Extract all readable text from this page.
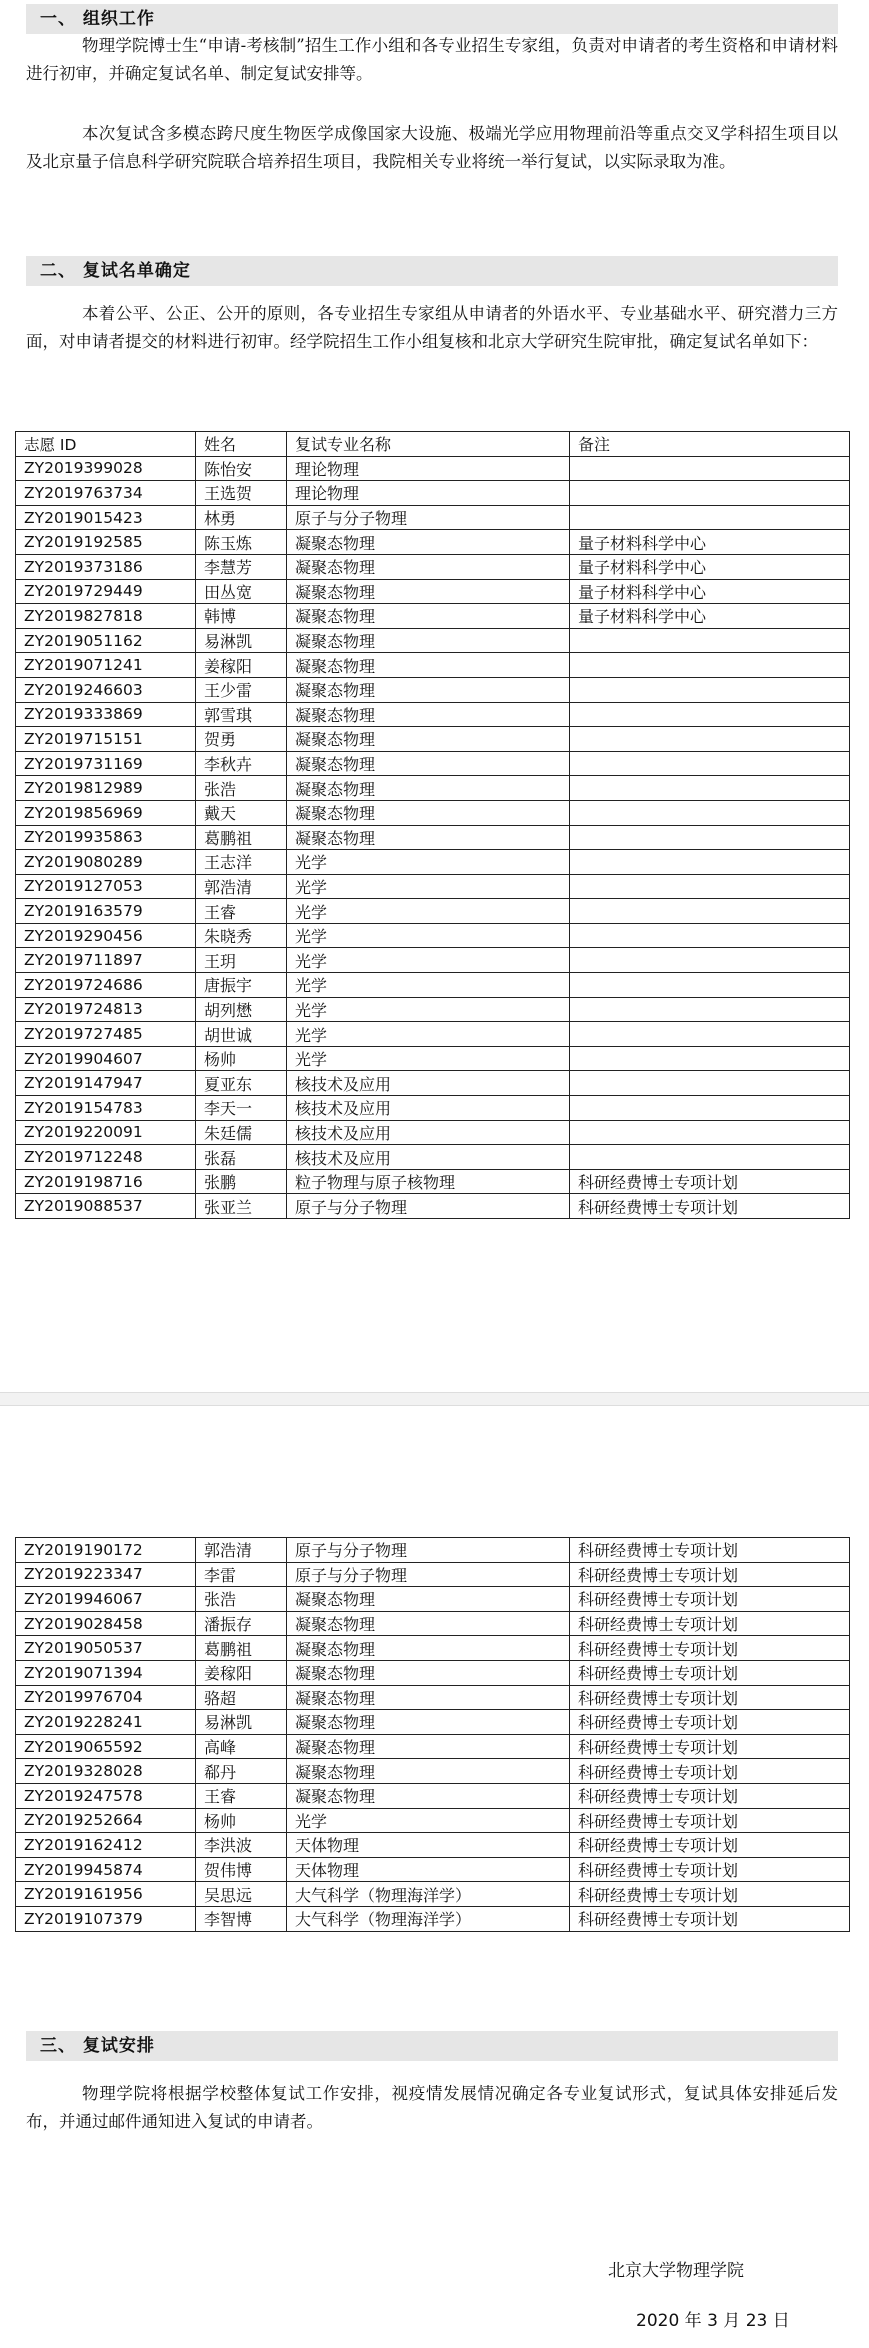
一、 组织工作

物理学院博士生“申请-考核制”招生工作小组和各专业招生专家组，负责对申请者的考生资格和申请材料进行初审，并确定复试名单、制定复试安排等。

本次复试含多模态跨尺度生物医学成像国家大设施、极端光学应用物理前沿等重点交叉学科招生项目以及北京量子信息科学研究院联合培养招生项目，我院相关专业将统一举行复试，以实际录取为准。

二、 复试名单确定

本着公平、公正、公开的原则，各专业招生专家组从申请者的外语水平、专业基础水平、研究潜力三方面，对申请者提交的材料进行初审。经学院招生工作小组复核和北京大学研究生院审批，确定复试名单如下：

志愿 ID	姓名	复试专业名称	备注
ZY2019399028	陈怡安	理论物理	
ZY2019763734	王选贺	理论物理	
ZY2019015423	林勇	原子与分子物理	
ZY2019192585	陈玉炼	凝聚态物理	量子材料科学中心
ZY2019373186	李慧芳	凝聚态物理	量子材料科学中心
ZY2019729449	田丛宽	凝聚态物理	量子材料科学中心
ZY2019827818	韩博	凝聚态物理	量子材料科学中心
ZY2019051162	易淋凯	凝聚态物理	
ZY2019071241	姜稼阳	凝聚态物理	
ZY2019246603	王少雷	凝聚态物理	
ZY2019333869	郭雪琪	凝聚态物理	
ZY2019715151	贺勇	凝聚态物理	
ZY2019731169	李秋卉	凝聚态物理	
ZY2019812989	张浩	凝聚态物理	
ZY2019856969	戴天	凝聚态物理	
ZY2019935863	葛鹏祖	凝聚态物理	
ZY2019080289	王志洋	光学	
ZY2019127053	郭浩清	光学	
ZY2019163579	王睿	光学	
ZY2019290456	朱晓秀	光学	
ZY2019711897	王玥	光学	
ZY2019724686	唐振宇	光学	
ZY2019724813	胡列懋	光学	
ZY2019727485	胡世诚	光学	
ZY2019904607	杨帅	光学	
ZY2019147947	夏亚东	核技术及应用	
ZY2019154783	李天一	核技术及应用	
ZY2019220091	朱廷儒	核技术及应用	
ZY2019712248	张磊	核技术及应用	
ZY2019198716	张鹏	粒子物理与原子核物理	科研经费博士专项计划
ZY2019088537	张亚兰	原子与分子物理	科研经费博士专项计划
ZY2019190172	郭浩清	原子与分子物理	科研经费博士专项计划
ZY2019223347	李雷	原子与分子物理	科研经费博士专项计划
ZY2019946067	张浩	凝聚态物理	科研经费博士专项计划
ZY2019028458	潘振存	凝聚态物理	科研经费博士专项计划
ZY2019050537	葛鹏祖	凝聚态物理	科研经费博士专项计划
ZY2019071394	姜稼阳	凝聚态物理	科研经费博士专项计划
ZY2019976704	骆超	凝聚态物理	科研经费博士专项计划
ZY2019228241	易淋凯	凝聚态物理	科研经费博士专项计划
ZY2019065592	高峰	凝聚态物理	科研经费博士专项计划
ZY2019328028	郗丹	凝聚态物理	科研经费博士专项计划
ZY2019247578	王睿	凝聚态物理	科研经费博士专项计划
ZY2019252664	杨帅	光学	科研经费博士专项计划
ZY2019162412	李洪波	天体物理	科研经费博士专项计划
ZY2019945874	贺伟博	天体物理	科研经费博士专项计划
ZY2019161956	吴思远	大气科学（物理海洋学）	科研经费博士专项计划
ZY2019107379	李智博	大气科学（物理海洋学）	科研经费博士专项计划
三、 复试安排

物理学院将根据学校整体复试工作安排，视疫情发展情况确定各专业复试形式，复试具体安排延后发布，并通过邮件通知进入复试的申请者。

北京大学物理学院
2020 年 3 月 23 日
